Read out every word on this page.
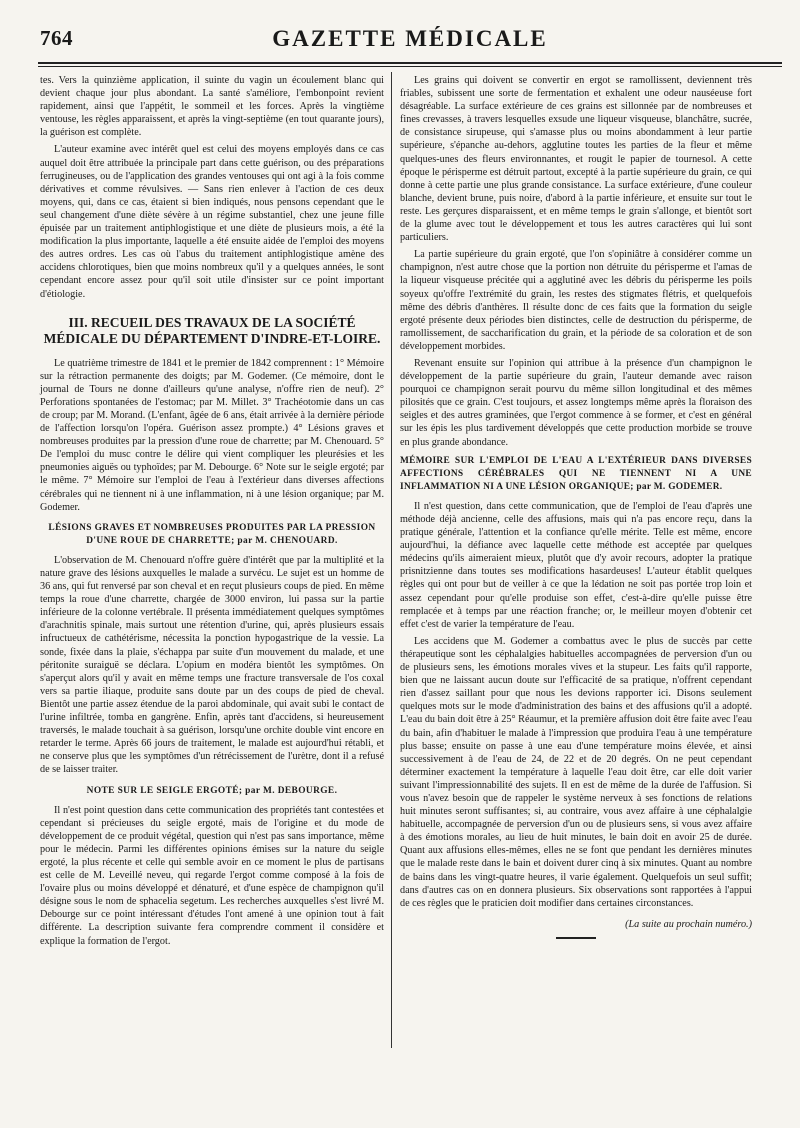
GAZETTE MÉDICALE
764

tes. Vers la quinzième application, il suinte du vagin un écoulement blanc qui devient chaque jour plus abondant. La santé s'améliore, l'embonpoint revient rapidement, ainsi que l'appétit, le sommeil et les forces. Après la vingtième ventouse, les règles apparaissent, et après la vingt-septième (en tout quarante jours), la guérison est complète.

L'auteur examine avec intérêt quel est celui des moyens employés dans ce cas auquel doit être attribuée la principale part dans cette guérison, ou des préparations ferrugineuses, ou de l'application des grandes ventouses qui ont agi à la fois comme dérivatives et comme révulsives. — Sans rien enlever à l'action de ces deux moyens, qui, dans ce cas, étaient si bien indiqués, nous pensons cependant que le seul changement d'une diète sévère à un régime substantiel, chez une jeune fille épuisée par un traitement antiphlogistique et une diète de plusieurs mois, a été la modification la plus importante, laquelle a été ensuite aidée de l'emploi des moyens des autres ordres. Les cas où l'abus du traitement antiphlogistique amène des accidens chlorotiques, bien que moins nombreux qu'il y a quelques années, le sont cependant encore assez pour qu'il soit utile d'insister sur ce point important d'étiologie.

III. RECUEIL DES TRAVAUX DE LA SOCIÉTÉ MÉDICALE DU DÉPARTEMENT D'INDRE-ET-LOIRE.

Le quatrième trimestre de 1841 et le premier de 1842 comprennent : 1° Mémoire sur la rétraction permanente des doigts; par M. Godemer. (Ce mémoire, dont le journal de Tours ne donne d'ailleurs qu'une analyse, n'offre rien de neuf). 2° Perforations spontanées de l'estomac; par M. Millet. 3° Trachéotomie dans un cas de croup; par M. Morand. (L'enfant, âgée de 6 ans, était arrivée à la dernière période de l'affection lorsqu'on l'opéra. Guérison assez prompte.) 4° Lésions graves et nombreuses produites par la pression d'une roue de charrette; par M. Chenouard. 5° De l'emploi du musc contre le délire qui vient compliquer les pleurésies et les pneumonies aiguës ou typhoïdes; par M. Debourge. 6° Note sur le seigle ergoté; par le même. 7° Mémoire sur l'emploi de l'eau à l'extérieur dans diverses affections cérébrales qui ne tiennent ni à une inflammation, ni à une lésion organique; par M. Godemer.

LÉSIONS GRAVES ET NOMBREUSES PRODUITES PAR LA PRESSION D'UNE ROUE DE CHARRETTE; par M. CHENOUARD.

L'observation de M. Chenouard n'offre guère d'intérêt que par la multiplité et la nature grave des lésions auxquelles le malade a survécu. Le sujet est un homme de 36 ans, qui fut renversé par son cheval et en reçut plusieurs coups de pied. En même temps la roue d'une charrette, chargée de 3000 environ, lui passa sur la partie inférieure de la colonne vertébrale. Il présenta immédiatement quelques symptômes d'arachnitis spinale, mais surtout une rétention d'urine, qui, après plusieurs essais infructueux de cathétérisme, nécessita la ponction hypogastrique de la vessie. La sonde, fixée dans la plaie, s'échappa par suite d'un mouvement du malade, et une péritonite suraiguë se déclara. L'opium en modéra bientôt les symptômes. On s'aperçut alors qu'il y avait en même temps une fracture transversale de l'os coxal vers sa partie iliaque, produite sans doute par un des coups de pied de cheval. Bientôt une partie assez étendue de la paroi abdominale, qui avait subi le contact de l'urine infiltrée, tomba en gangrène. Enfin, après tant d'accidens, si heureusement traversés, le malade touchait à sa guérison, lorsqu'une orchite double vint encore en retarder le terme. Après 66 jours de traitement, le malade est aujourd'hui rétabli, et ne conserve plus que les symptômes d'un rétrécissement de l'urètre, dont il a refusé de se laisser traiter.

NOTE SUR LE SEIGLE ERGOTÉ; par M. DEBOURGE.

Il n'est point question dans cette communication des propriétés tant contestées et cependant si précieuses du seigle ergoté, mais de l'origine et du mode de développement de ce produit végétal, question qui n'est pas sans importance, même pour le médecin. Parmi les différentes opinions émises sur la nature du seigle ergoté, la plus récente et celle qui semble avoir en ce moment le plus de partisans est celle de M. Leveillé neveu, qui regarde l'ergot comme composé à la fois de l'ovaire plus ou moins développé et dénaturé, et d'une espèce de champignon qu'il désigne sous le nom de sphacelia segetum. Les recherches auxquelles s'est livré M. Debourge sur ce point intéressant d'études l'ont amené à une opinion tout à fait différente. La description suivante fera comprendre comment il considère et explique la formation de l'ergot.

Les grains qui doivent se convertir en ergot se ramollissent, deviennent très friables, subissent une sorte de fermentation et exhalent une odeur nauséeuse fort désagréable. La surface extérieure de ces grains est sillonnée par de nombreuses et fines crevasses, à travers lesquelles exsude une liqueur visqueuse, blanchâtre, sucrée, de consistance sirupeuse, qui s'amasse plus ou moins abondamment à leur partie supérieure, s'épanche au-dehors, agglutine toutes les parties de la fleur et même quelques-unes des fleurs environnantes, et rougit le papier de tournesol. A cette époque le périsperme est détruit partout, excepté à la partie supérieure du grain, ce qui donne à cette partie une plus grande consistance. La surface extérieure, d'une couleur blanche, devient brune, puis noire, d'abord à la partie inférieure, et ensuite sur tout le reste. Les gerçures disparaissent, et en même temps le grain s'allonge, et bientôt sort de la glume avec tout le développement et tous les autres caractères qui lui sont particuliers.

La partie supérieure du grain ergoté, que l'on s'opiniâtre à considérer comme un champignon, n'est autre chose que la portion non détruite du périsperme et l'amas de la liqueur visqueuse précitée qui a agglutiné avec les débris du périsperme les poils soyeux qu'offre l'extrémité du grain, les restes des stigmates flétris, et quelquefois même des débris d'anthères. Il résulte donc de ces faits que la formation du seigle ergoté présente deux périodes bien distinctes, celle de destruction du périsperme, de ramollissement, de saccharification du grain, et la période de sa coloration et de son développement morbides.

Revenant ensuite sur l'opinion qui attribue à la présence d'un champignon le développement de la partie supérieure du grain, l'auteur demande avec raison pourquoi ce champignon serait pourvu du même sillon longitudinal et des mêmes pilosités que ce grain. C'est toujours, et assez longtemps même après la floraison des seigles et des autres graminées, que l'ergot commence à se former, et c'est en général sur les épis les plus tardivement développés que cette production morbide se trouve en plus grande abondance.

MÉMOIRE SUR L'EMPLOI DE L'EAU A L'EXTÉRIEUR DANS DIVERSES AFFECTIONS CÉRÉBRALES QUI NE TIENNENT NI A UNE INFLAMMATION NI A UNE LÉSION ORGANIQUE; par M. GODEMER.

Il n'est question, dans cette communication, que de l'emploi de l'eau d'après une méthode déjà ancienne, celle des affusions, mais qui n'a pas encore reçu, dans la pratique générale, l'attention et la confiance qu'elle mérite. Telle est même, encore aujourd'hui, la défiance avec laquelle cette méthode est acceptée par quelques médecins qu'ils aimeraient mieux, plutôt que d'y avoir recours, adopter la pratique prisnitzienne dans toutes ses modifications hasardeuses! L'auteur établit quelques règles qui ont pour but de veiller à ce que la lédation ne soit pas portée trop loin et assez cependant pour qu'elle produise son effet, c'est-à-dire qu'elle puisse être remplacée et à temps par une réaction franche; or, le meilleur moyen d'obtenir cet effet c'est de varier la température de l'eau.

Les accidens que M. Godemer a combattus avec le plus de succès par cette thérapeutique sont les céphalalgies habituelles accompagnées de perversion d'un ou de plusieurs sens, les émotions morales vives et la stupeur. Les faits qu'il rapporte, bien que ne laissant aucun doute sur l'efficacité de sa pratique, n'offrent cependant rien d'assez saillant pour que nous les devions rapporter ici. Disons seulement quelques mots sur le mode d'administration des bains et des affusions qu'il a adopté. L'eau du bain doit être à 25° Réaumur, et la première affusion doit être faite avec l'eau du bain, afin d'habituer le malade à l'impression que produira l'eau à une température plus basse; ensuite on passe à une eau d'une température moins élevée, et ainsi successivement à de l'eau de 24, de 22 et de 20 degrés. On ne peut cependant déterminer exactement la température à laquelle l'eau doit être, car elle doit varier suivant l'impressionnabilité des sujets. Il en est de même de la durée de l'affusion. Si vous n'avez besoin que de rappeler le système nerveux à ses fonctions de relations huit minutes seront suffisantes; si, au contraire, vous avez affaire à une céphalalgie habituelle, accompagnée de perversion d'un ou de plusieurs sens, si vous avez affaire à des émotions morales, au lieu de huit minutes, le bain doit en avoir 25 de durée. Quant aux affusions elles-mêmes, elles ne se font que pendant les dernières minutes que le malade reste dans le bain et doivent durer cinq à six minutes. Quant au nombre de bains dans les vingt-quatre heures, il varie également. Quelquefois un seul suffit; dans d'autres cas on en donnera plusieurs. Six observations sont rapportées à l'appui de ces règles que le praticien doit modifier dans certaines circonstances.

(La suite au prochain numéro.)
